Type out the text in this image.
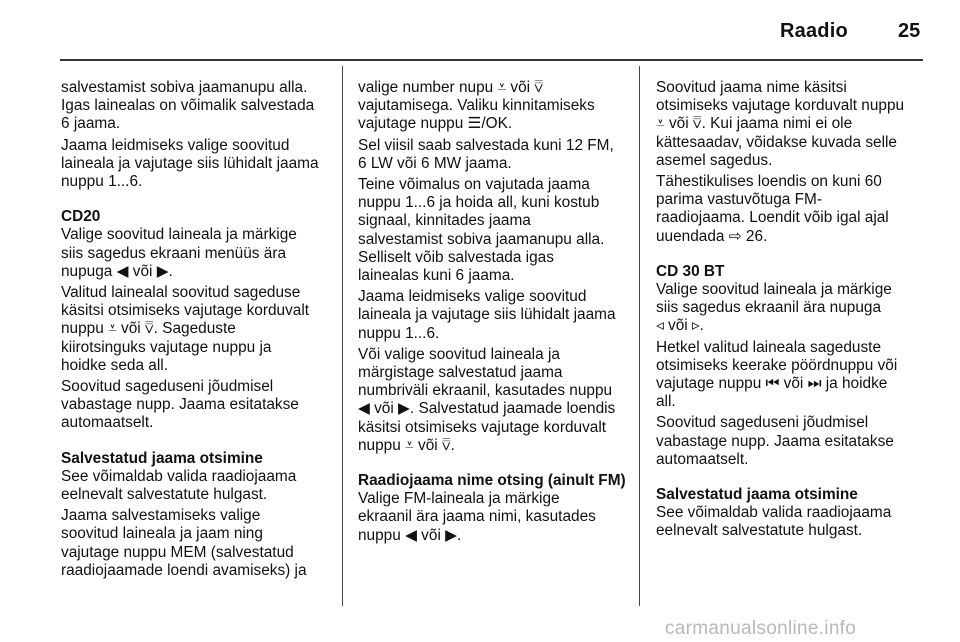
Raadio	25

salvestamist sobiva jaamanupu alla.
Igas lainealas on võimalik salvestada
6 jaama.

Jaama leidmiseks valige soovitud
laineala ja vajutage siis lühidalt jaama
nuppu 1...6.

CD20

Valige soovitud laineala ja märkige
siis sagedus ekraani menüüs ära
nupuga ◀ või ▶.

Valitud lainealal soovitud sageduse
käsitsi otsimiseks vajutage korduvalt
nuppu ⩡ või ⩢. Sageduste
kiirotsinguks vajutage nuppu ja
hoidke seda all.

Soovitud sageduseni jõudmisel
vabastage nupp. Jaama esitatakse
automaatselt.

Salvestatud jaama otsimine

See võimaldab valida raadiojaama
eelnevalt salvestatute hulgast.

Jaama salvestamiseks valige
soovitud laineala ja jaam ning
vajutage nuppu MEM (salvestatud
raadiojaamade loendi avamiseks) ja

valige number nupu ⩡ või ⩢
vajutamisega. Valiku kinnitamiseks
vajutage nuppu ☰/OK.

Sel viisil saab salvestada kuni 12 FM,
6 LW või 6 MW jaama.

Teine võimalus on vajutada jaama
nuppu 1...6 ja hoida all, kuni kostub
signaal, kinnitades jaama
salvestamist sobiva jaamanupu alla.
Selliselt võib salvestada igas
lainealas kuni 6 jaama.

Jaama leidmiseks valige soovitud
laineala ja vajutage siis lühidalt jaama
nuppu 1...6.

Või valige soovitud laineala ja
märgistage salvestatud jaama
numbriväli ekraanil, kasutades nuppu
◀ või ▶. Salvestatud jaamade loendis
käsitsi otsimiseks vajutage korduvalt
nuppu ⩡ või ⩢.

Raadiojaama nime otsing (ainult FM)

Valige FM-laineala ja märkige
ekraanil ära jaama nimi, kasutades
nuppu ◀ või ▶.

Soovitud jaama nime käsitsi
otsimiseks vajutage korduvalt nuppu
⩡ või ⩢. Kui jaama nimi ei ole
kättesaadav, võidakse kuvada selle
asemel sagedus.

Tähestikulises loendis on kuni 60
parima vastuvõtuga FM-
raadiojaama. Loendit võib igal ajal
uuendada ⇨ 26.

CD 30 BT

Valige soovitud laineala ja märkige
siis sagedus ekraanil ära nupuga
◃ või ▹.

Hetkel valitud laineala sageduste
otsimiseks keerake pöördnuppu või
vajutage nuppu ⏮ või ⏭ ja hoidke
all.

Soovitud sageduseni jõudmisel
vabastage nupp. Jaama esitatakse
automaatselt.

Salvestatud jaama otsimine

See võimaldab valida raadiojaama
eelnevalt salvestatute hulgast.

carmanualsonline.info
